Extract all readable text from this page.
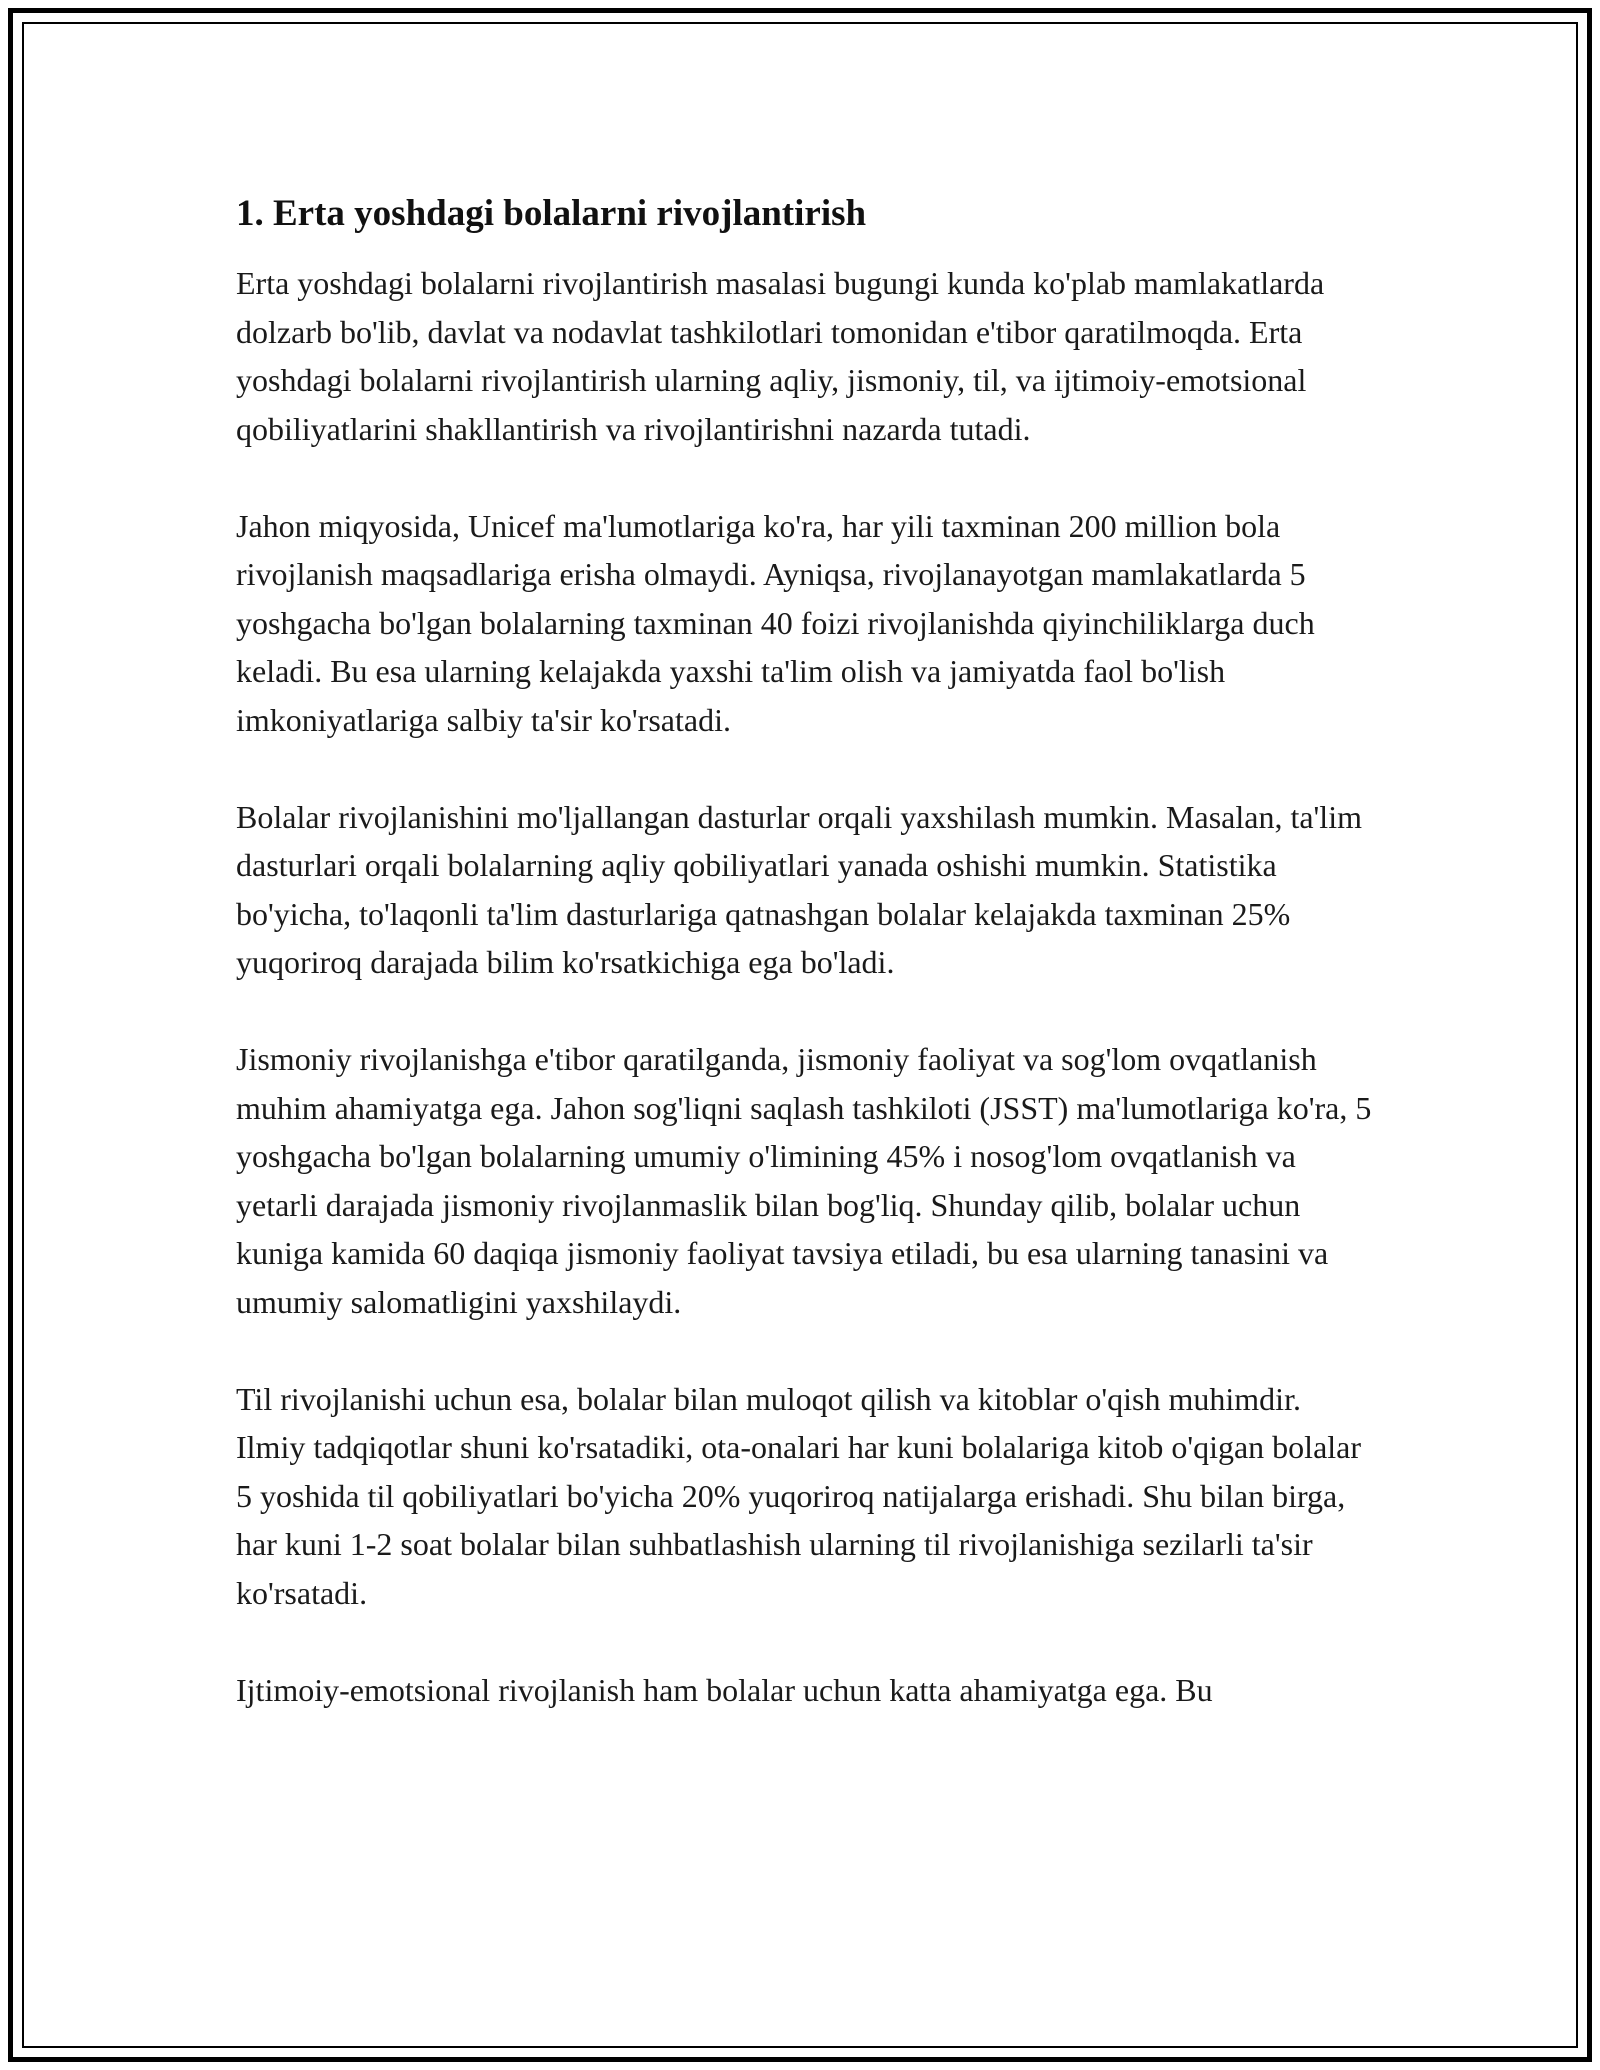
1. Erta yoshdagi bolalarni rivojlantirish

Erta yoshdagi bolalarni rivojlantirish masalasi bugungi kunda ko'plab mamlakatlarda dolzarb bo'lib, davlat va nodavlat tashkilotlari tomonidan e'tibor qaratilmoqda. Erta yoshdagi bolalarni rivojlantirish ularning aqliy, jismoniy, til, va ijtimoiy-emotsional qobiliyatlarini shakllantirish va rivojlantirishni nazarda tutadi.

Jahon miqyosida, Unicef ma'lumotlariga ko'ra, har yili taxminan 200 million bola rivojlanish maqsadlariga erisha olmaydi. Ayniqsa, rivojlanayotgan mamlakatlarda 5 yoshgacha bo'lgan bolalarning taxminan 40 foizi rivojlanishda qiyinchiliklarga duch keladi. Bu esa ularning kelajakda yaxshi ta'lim olish va jamiyatda faol bo'lish imkoniyatlariga salbiy ta'sir ko'rsatadi.

Bolalar rivojlanishini mo'ljallangan dasturlar orqali yaxshilash mumkin. Masalan, ta'lim dasturlari orqali bolalarning aqliy qobiliyatlari yanada oshishi mumkin. Statistika bo'yicha, to'laqonli ta'lim dasturlariga qatnashgan bolalar kelajakda taxminan 25% yuqoriroq darajada bilim ko'rsatkichiga ega bo'ladi.

Jismoniy rivojlanishga e'tibor qaratilganda, jismoniy faoliyat va sog'lom ovqatlanish muhim ahamiyatga ega. Jahon sog'liqni saqlash tashkiloti (JSST) ma'lumotlariga ko'ra, 5 yoshgacha bo'lgan bolalarning umumiy o'limining 45% i nosog'lom ovqatlanish va yetarli darajada jismoniy rivojlanmaslik bilan bog'liq. Shunday qilib, bolalar uchun kuniga kamida 60 daqiqa jismoniy faoliyat tavsiya etiladi, bu esa ularning tanasini va umumiy salomatligini yaxshilaydi.

Til rivojlanishi uchun esa, bolalar bilan muloqot qilish va kitoblar o'qish muhimdir. Ilmiy tadqiqotlar shuni ko'rsatadiki, ota-onalari har kuni bolalariga kitob o'qigan bolalar 5 yoshida til qobiliyatlari bo'yicha 20% yuqoriroq natijalarga erishadi. Shu bilan birga, har kuni 1-2 soat bolalar bilan suhbatlashish ularning til rivojlanishiga sezilarli ta'sir ko'rsatadi.

Ijtimoiy-emotsional rivojlanish ham bolalar uchun katta ahamiyatga ega. Bu
